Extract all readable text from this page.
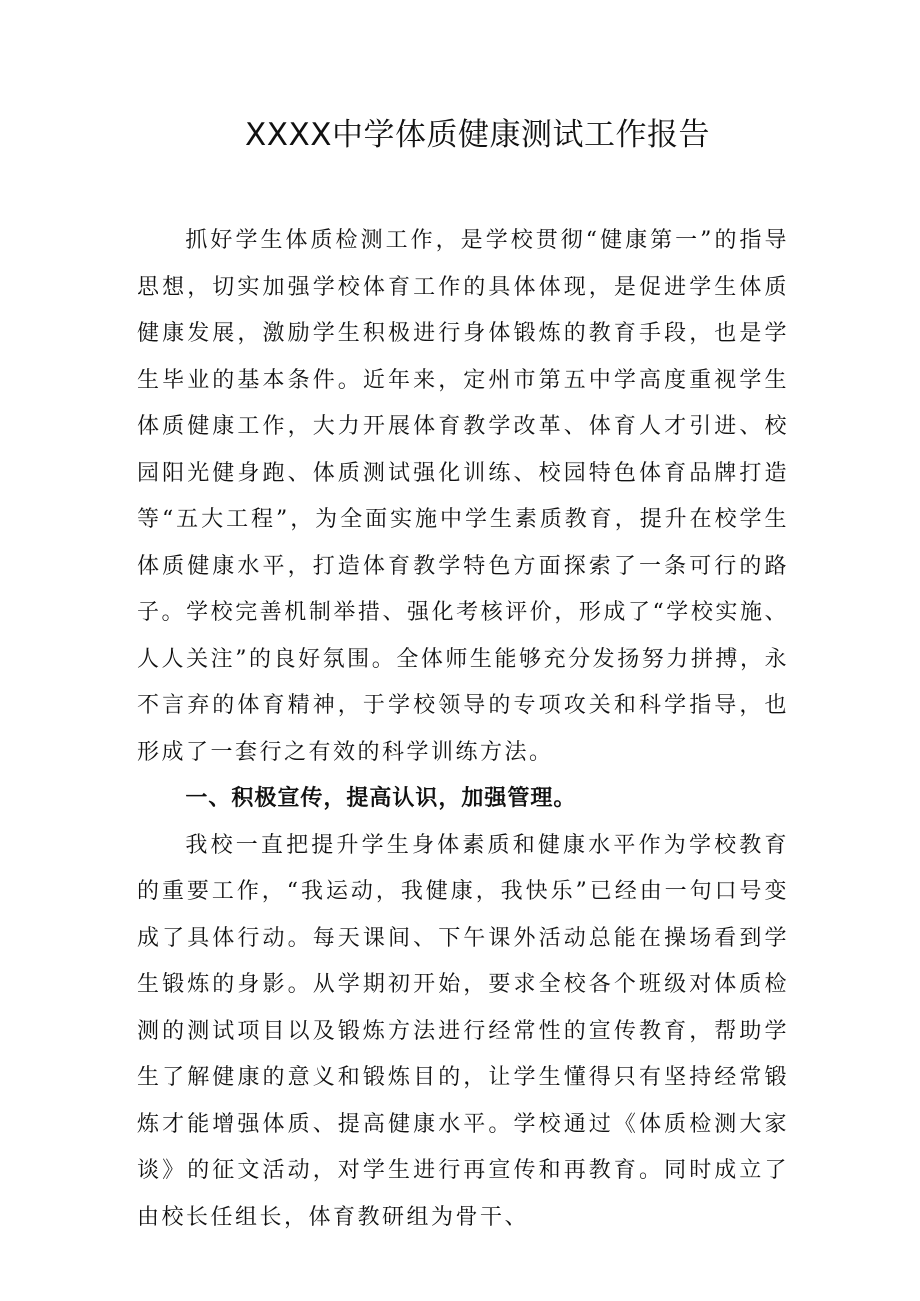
XXXX中学体质健康测试工作报告

抓好学生体质检测工作，是学校贯彻“健康第一”的指导思想，切实加强学校体育工作的具体体现，是促进学生体质健康发展，激励学生积极进行身体锻炼的教育手段，也是学生毕业的基本条件。近年来，定州市第五中学高度重视学生体质健康工作，大力开展体育教学改革、体育人才引进、校园阳光健身跑、体质测试强化训练、校园特色体育品牌打造等“五大工程”，为全面实施中学生素质教育，提升在校学生体质健康水平，打造体育教学特色方面探索了一条可行的路子。学校完善机制举措、强化考核评价，形成了“学校实施、人人关注”的良好氛围。全体师生能够充分发扬努力拼搏，永不言弃的体育精神，于学校领导的专项攻关和科学指导，也形成了一套行之有效的科学训练方法。

一、积极宣传，提高认识，加强管理。

我校一直把提升学生身体素质和健康水平作为学校教育的重要工作，“我运动，我健康，我快乐”已经由一句口号变成了具体行动。每天课间、下午课外活动总能在操场看到学生锻炼的身影。从学期初开始，要求全校各个班级对体质检测的测试项目以及锻炼方法进行经常性的宣传教育，帮助学生了解健康的意义和锻炼目的，让学生懂得只有坚持经常锻炼才能增强体质、提高健康水平。学校通过《体质检测大家谈》的征文活动，对学生进行再宣传和再教育。同时成立了由校长任组长，体育教研组为骨干、
